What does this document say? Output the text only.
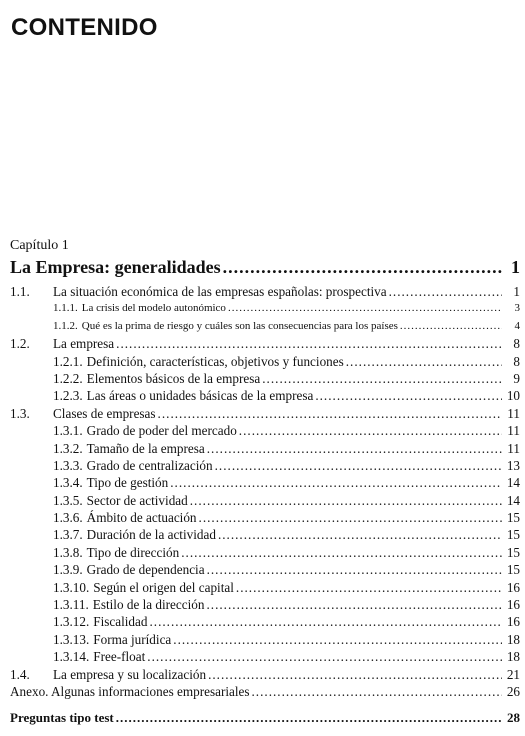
CONTENIDO
Capítulo 1
La Empresa: generalidades .....	1
1.1.	La situación económica de las empresas españolas: prospectiva .....	1
1.1.1. La crisis del modelo autonómico .....	3
1.1.2. Qué es la prima de riesgo y cuáles son las consecuencias para los países .....	4
1.2.	La empresa .....	8
1.2.1. Definición, características, objetivos y funciones .....	8
1.2.2. Elementos básicos de la empresa .....	9
1.2.3. Las áreas o unidades básicas de la empresa .....	10
1.3.	Clases de empresas .....	11
1.3.1. Grado de poder del mercado .....	11
1.3.2. Tamaño de la empresa .....	11
1.3.3. Grado de centralización .....	13
1.3.4. Tipo de gestión .....	14
1.3.5. Sector de actividad .....	14
1.3.6. Ámbito de actuación .....	15
1.3.7. Duración de la actividad .....	15
1.3.8. Tipo de dirección .....	15
1.3.9. Grado de dependencia .....	15
1.3.10. Según el origen del capital .....	16
1.3.11. Estilo de la dirección .....	16
1.3.12. Fiscalidad .....	16
1.3.13. Forma jurídica .....	18
1.3.14. Free-float .....	18
1.4.	La empresa y su localización .....	21
Anexo. Algunas informaciones empresariales .....	26
Preguntas tipo test .....	28
